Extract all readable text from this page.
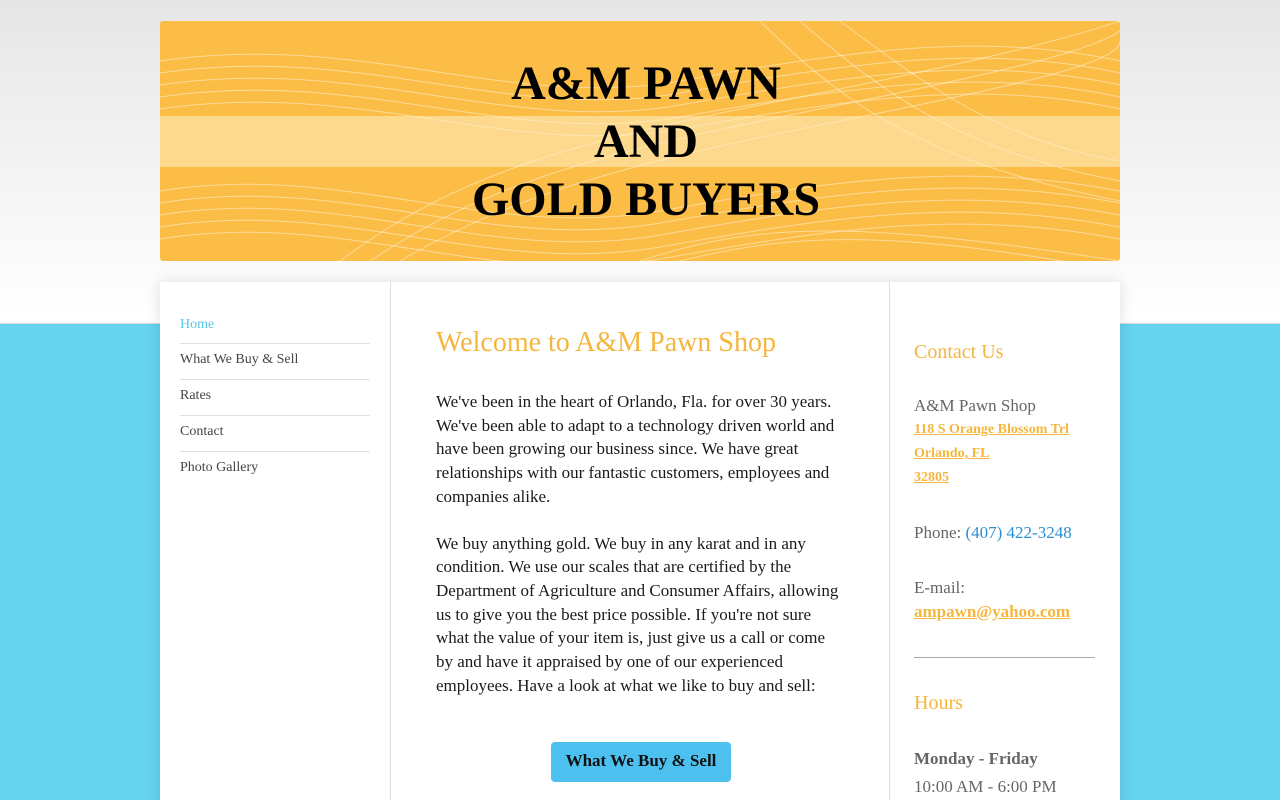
A&M PAWN
AND
GOLD BUYERS
Home
What We Buy & Sell
Rates
Contact
Photo Gallery
Welcome to A&M Pawn Shop

We've been in the heart of Orlando, Fla. for over 30 years. We've been able to adapt to a technology driven world and have been growing our business since. We have great relationships with our fantastic customers, employees and companies alike.

We buy anything gold. We buy in any karat and in any condition. We use our scales that are certified by the Department of Agriculture and Consumer Affairs, allowing us to give you the best price possible. If you're not sure what the value of your item is, just give us a call or come by and have it appraised by one of our experienced employees. Have a look at what we like to buy and sell:

What We Buy & Sell
Contact Us
A&M Pawn Shop
118 S Orange Blossom Trl
Orlando, FL
32805
Phone: (407) 422-3248
E-mail:
ampawn@yahoo.com
Hours
Monday - Friday
10:00 AM - 6:00 PM
